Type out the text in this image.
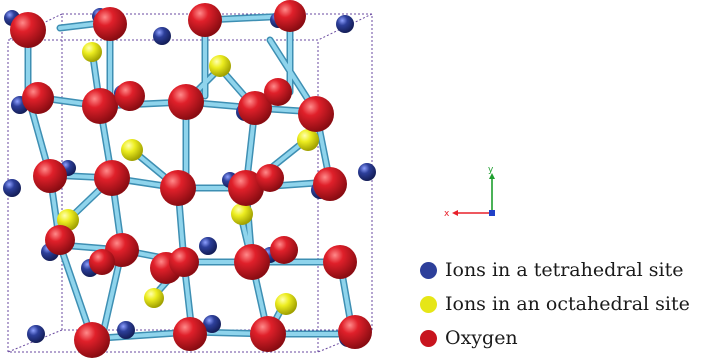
y
x
Ions in a tetrahedral site
Ions in an octahedral site
Oxygen
